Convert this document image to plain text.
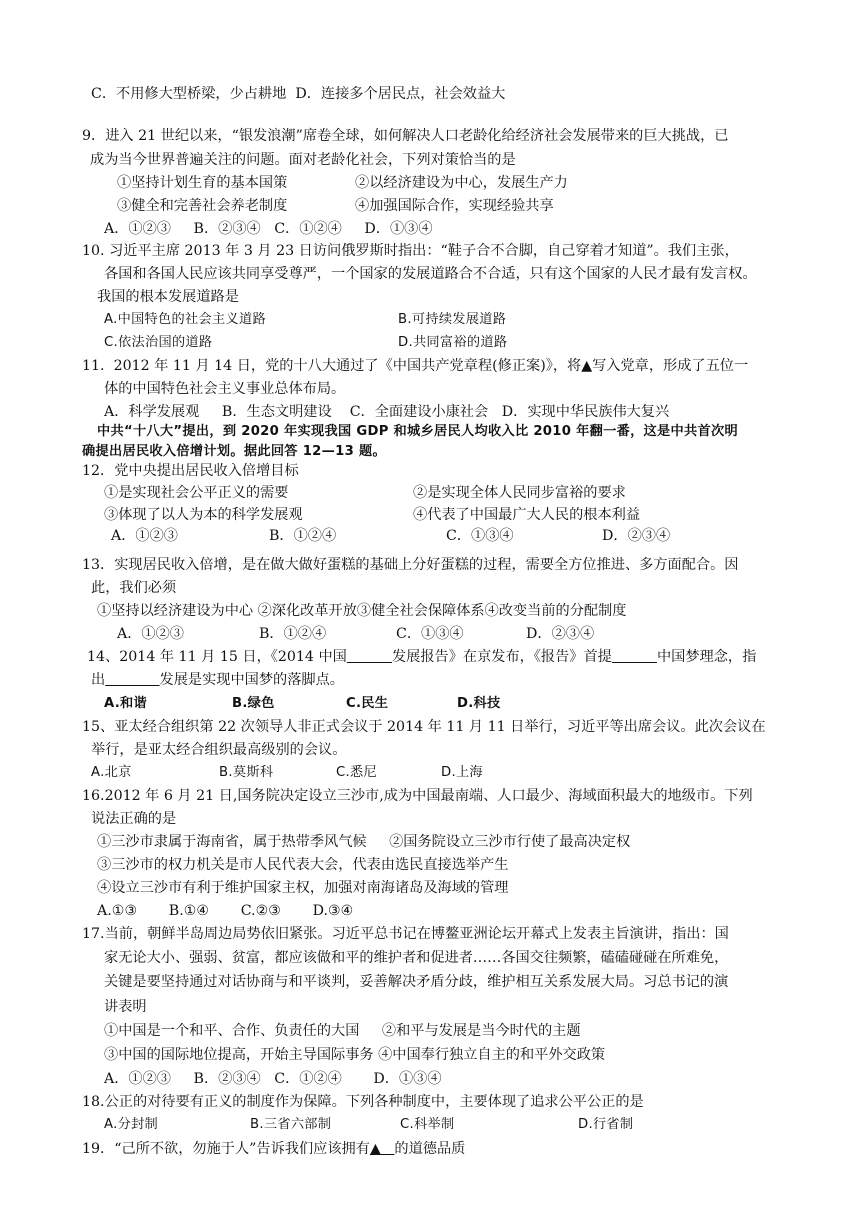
C．不用修大型桥梁，少占耕地  D．连接多个居民点，社会效益大
9．进入 21 世纪以来，“银发浪潮”席卷全球，如何解决人口老龄化给经济社会发展带来的巨大挑战，已
成为当今世界普遍关注的问题。面对老龄化社会，下列对策恰当的是
①坚持计划生育的基本国策	②以经济建设为中心，发展生产力
③健全和完善社会养老制度	④加强国际合作，实现经验共享
A．①②③     B．②③④   C．①②④     D．①③④
10. 习近平主席 2013 年 3 月 23 日访问俄罗斯时指出：“鞋子合不合脚，自己穿着才知道”。我们主张，
各国和各国人民应该共同享受尊严，一个国家的发展道路合不合适，只有这个国家的人民才最有发言权。
我国的根本发展道路是
A.中国特色的社会主义道路	B.可持续发展道路
C.依法治国的道路	D.共同富裕的道路
11.  2012 年 11 月 14 日，党的十八大通过了《中国共产党章程(修正案)》，将▲写入党章，形成了五位一
体的中国特色社会主义事业总体布局。
A．科学发展观     B．生态文明建设    C．全面建设小康社会   D．实现中华民族伟大复兴
中共“十八大”提出，到 2020 年实现我国 GDP 和城乡居民人均收入比 2010 年翻一番，这是中共首次明
确提出居民收入倍增计划。据此回答 12—13 题。
12．党中央提出居民收入倍增目标
①是实现社会公平正义的需要	②是实现全体人民同步富裕的要求
③体现了以人为本的科学发展观	④代表了中国最广大人民的根本利益
A．①②③	B．①②④	C．①③④	D．②③④
13．实现居民收入倍增，是在做大做好蛋糕的基础上分好蛋糕的过程，需要全方位推进、多方面配合。因
此，我们必须
①坚持以经济建设为中心 ②深化改革开放③健全社会保障体系④改变当前的分配制度
A．①②③	B．①②④	C．①③④	D．②③④
14、2014 年 11 月 15 日，《2014 中国	发展报告》在京发布，《报告》首提	中国梦理念，指
出	发展是实现中国梦的落脚点。
A.和谐	B.绿色	C.民生	D.科技
15、亚太经合组织第 22 次领导人非正式会议于 2014 年 11 月 11 日举行，习近平等出席会议。此次会议在
举行，是亚太经合组织最高级别的会议。
A.北京	B.莫斯科	C.悉尼	D.上海
16.2012 年 6 月 21 日,国务院决定设立三沙市,成为中国最南端、人口最少、海域面积最大的地级市。下列
说法正确的是
①三沙市隶属于海南省，属于热带季风气候     ②国务院设立三沙市行使了最高决定权
③三沙市的权力机关是市人民代表大会，代表由选民直接选举产生
④设立三沙市有利于维护国家主权，加强对南海诸岛及海域的管理
A.①③       B.①④       C.②③       D.③④
17.当前，朝鲜半岛周边局势依旧紧张。习近平总书记在博鳌亚洲论坛开幕式上发表主旨演讲，指出：国
家无论大小、强弱、贫富，都应该做和平的维护者和促进者……各国交往频繁，磕磕碰碰在所难免，
关键是要坚持通过对话协商与和平谈判，妥善解决矛盾分歧，维护相互关系发展大局。习总书记的演
讲表明
①中国是一个和平、合作、负责任的大国     ②和平与发展是当今时代的主题
③中国的国际地位提高，开始主导国际事务 ④中国奉行独立自主的和平外交政策
A．①②③     B．②③④   C．①②④       D．①③④
18.公正的对待要有正义的制度作为保障。下列各种制度中，主要体现了追求公平公正的是
A.分封制	B.三省六部制	C.科举制	D.行省制
19．“己所不欲，勿施于人”告诉我们应该拥有▲ 的道德品质
